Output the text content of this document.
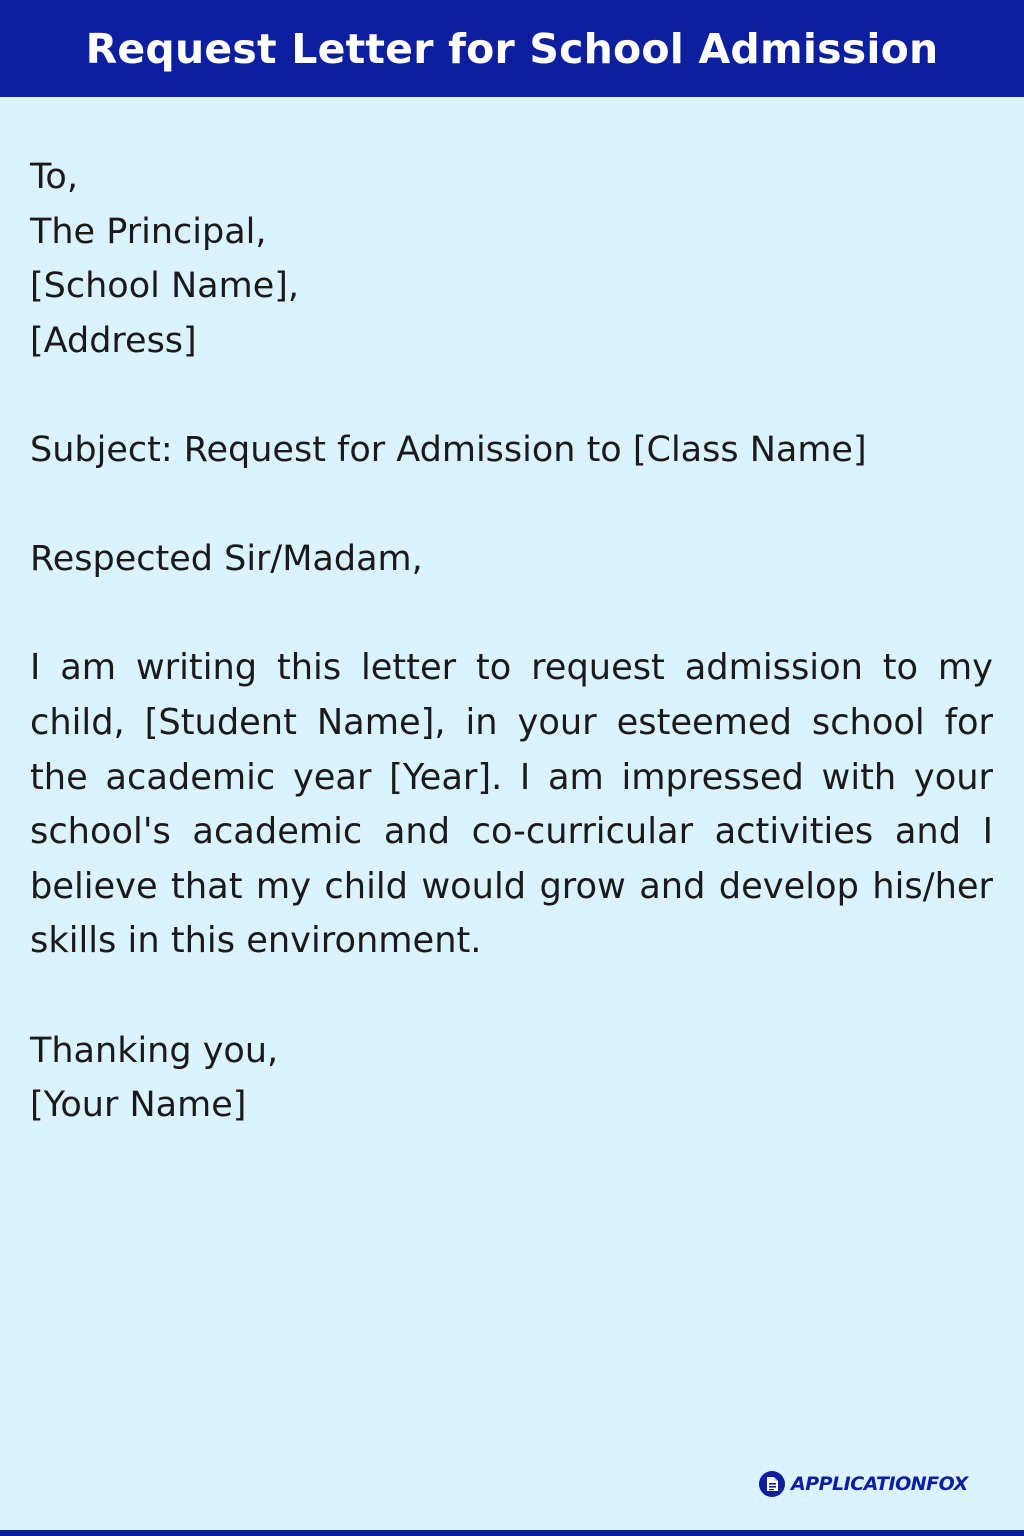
Request Letter for School Admission
To,
The Principal,
[School Name],
[Address]
Subject: Request for Admission to [Class Name]
Respected Sir/Madam,
I am writing this letter to request admission to my child, [Student Name], in your esteemed school for the academic year [Year]. I am impressed with your school's academic and co-curricular activities and I believe that my child would grow and develop his/her skills in this environment.
Thanking you,
[Your Name]
APPLICATIONFOX
